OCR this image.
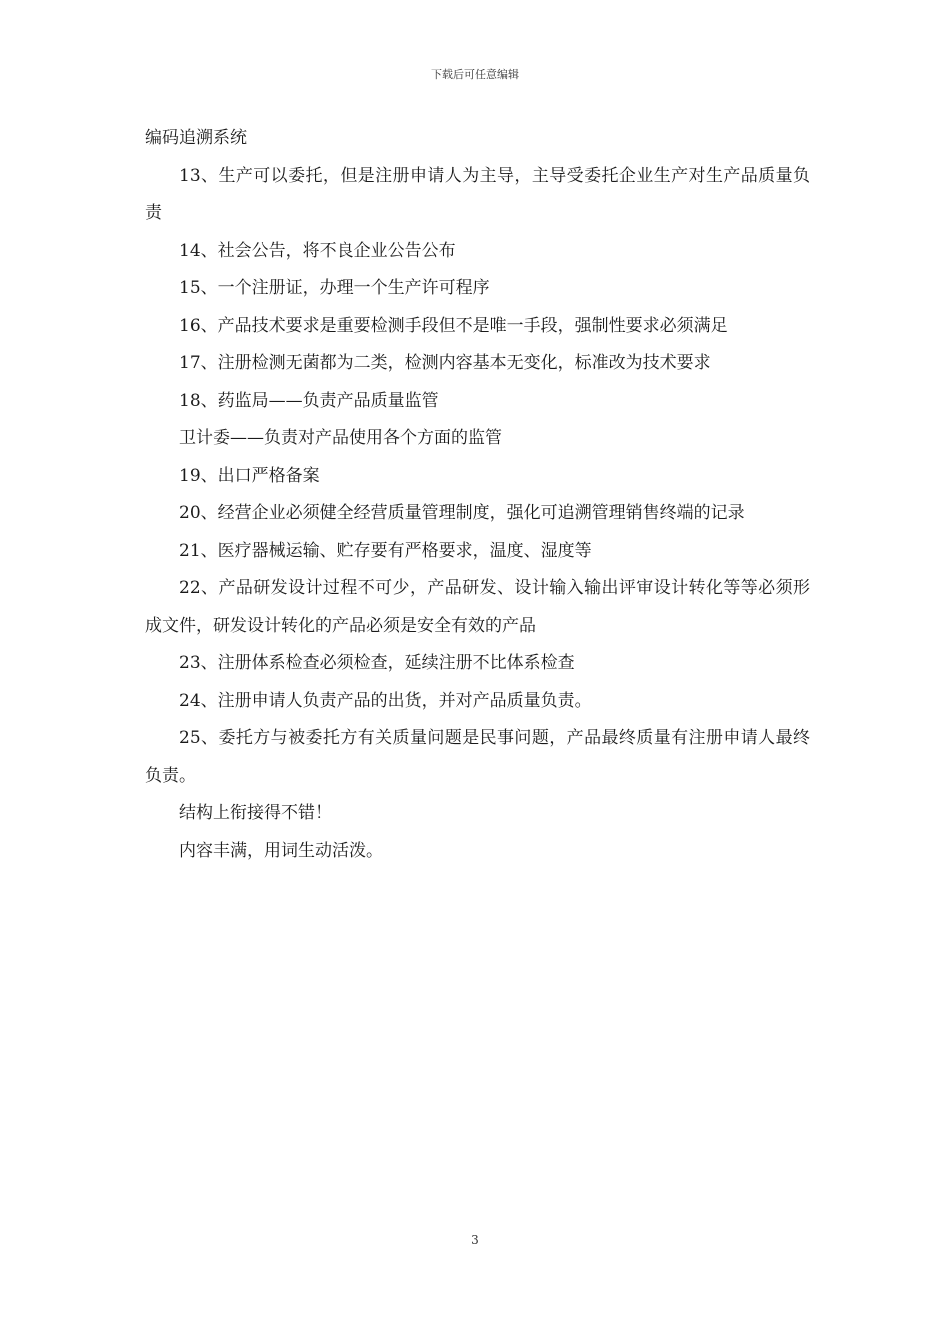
下载后可任意编辑

编码追溯系统

13、生产可以委托，但是注册申请人为主导，主导受委托企业生产对生产品质量负责

14、社会公告，将不良企业公告公布

15、一个注册证，办理一个生产许可程序

16、产品技术要求是重要检测手段但不是唯一手段，强制性要求必须满足

17、注册检测无菌都为二类，检测内容基本无变化，标准改为技术要求

18、药监局——负责产品质量监管

卫计委——负责对产品使用各个方面的监管

19、出口严格备案

20、经营企业必须健全经营质量管理制度，强化可追溯管理销售终端的记录

21、医疗器械运输、贮存要有严格要求，温度、湿度等

22、产品研发设计过程不可少，产品研发、设计输入输出评审设计转化等等必须形成文件，研发设计转化的产品必须是安全有效的产品

23、注册体系检查必须检查，延续注册不比体系检查

24、注册申请人负责产品的出货，并对产品质量负责。

25、委托方与被委托方有关质量问题是民事问题，产品最终质量有注册申请人最终负责。

结构上衔接得不错！

内容丰满，用词生动活泼。

3
